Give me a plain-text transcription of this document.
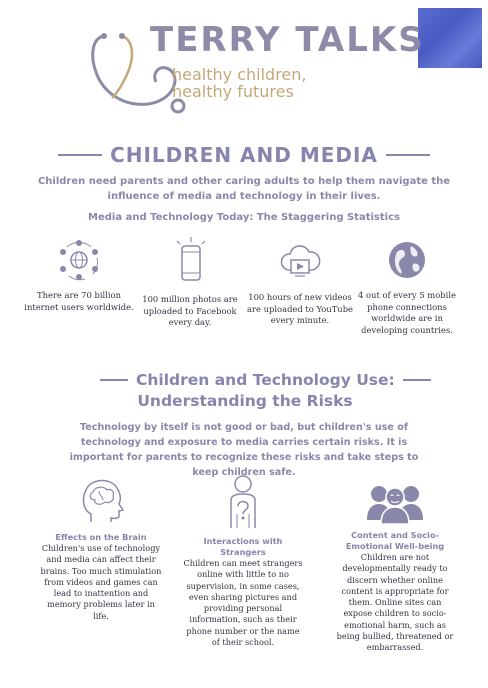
TERRY TALKS
healthy children,
healthy futures
CHILDREN AND MEDIA
Children need parents and other caring adults to help them navigate the influence of media and technology in their lives.
Media and Technology Today: The Staggering Statistics
There are 70 billion internet users worldwide.
100 million photos are uploaded to Facebook every day.
100 hours of new videos are uploaded to YouTube every minute.
4 out of every 5 mobile phone connections worldwide are in developing countries.
Children and Technology Use:
Understanding the Risks
Technology by itself is not good or bad, but children's use of technology and exposure to media carries certain risks. It is important for parents to recognize these risks and take steps to keep children safe.
Effects on the Brain
Children's use of technology and media can affect their brains. Too much stimulation from videos and games can lead to inattention and memory problems later in life.
Interactions with Strangers
Children can meet strangers online with little to no supervision, in some cases, even sharing pictures and providing personal information, such as their phone number or the name of their school.
Content and Socio-Emotional Well-being
Children are not developmentally ready to discern whether online content is appropriate for them. Online sites can expose children to socio-emotional harm, such as being bullied, threatened or embarrassed.
